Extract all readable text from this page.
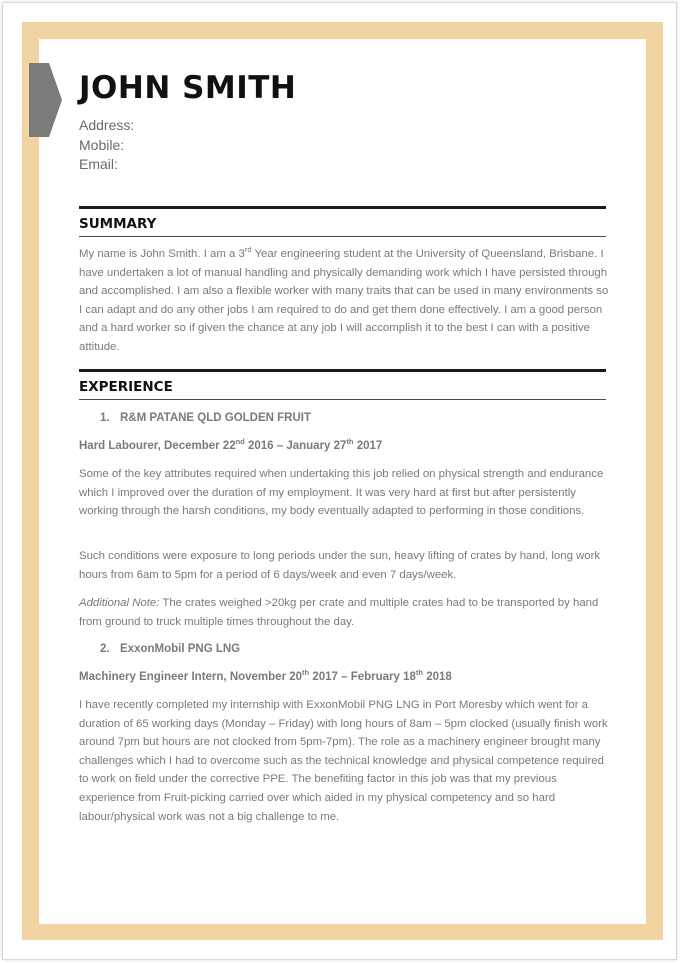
JOHN SMITH
Address:
Mobile:
Email:
SUMMARY

My name is John Smith. I am a 3rd Year engineering student at the University of Queensland, Brisbane. I have undertaken a lot of manual handling and physically demanding work which I have persisted through and accomplished. I am also a flexible worker with many traits that can be used in many environments so I can adapt and do any other jobs I am required to do and get them done effectively. I am a good person and a hard worker so if given the chance at any job I will accomplish it to the best I can with a positive attitude.

EXPERIENCE

1. R&M PATANE QLD GOLDEN FRUIT

Hard Labourer, December 22nd 2016 – January 27th 2017

Some of the key attributes required when undertaking this job relied on physical strength and endurance which I improved over the duration of my employment. It was very hard at first but after persistently working through the harsh conditions, my body eventually adapted to performing in those conditions.

Such conditions were exposure to long periods under the sun, heavy lifting of crates by hand, long work hours from 6am to 5pm for a period of 6 days/week and even 7 days/week.

Additional Note: The crates weighed >20kg per crate and multiple crates had to be transported by hand from ground to truck multiple times throughout the day.

2. ExxonMobil PNG LNG

Machinery Engineer Intern, November 20th 2017 – February 18th 2018

I have recently completed my internship with ExxonMobil PNG LNG in Port Moresby which went for a duration of 65 working days (Monday – Friday) with long hours of 8am – 5pm clocked (usually finish work around 7pm but hours are not clocked from 5pm-7pm). The role as a machinery engineer brought many challenges which I had to overcome such as the technical knowledge and physical competence required to work on field under the corrective PPE. The benefiting factor in this job was that my previous experience from Fruit-picking carried over which aided in my physical competency and so hard labour/physical work was not a big challenge to me.
